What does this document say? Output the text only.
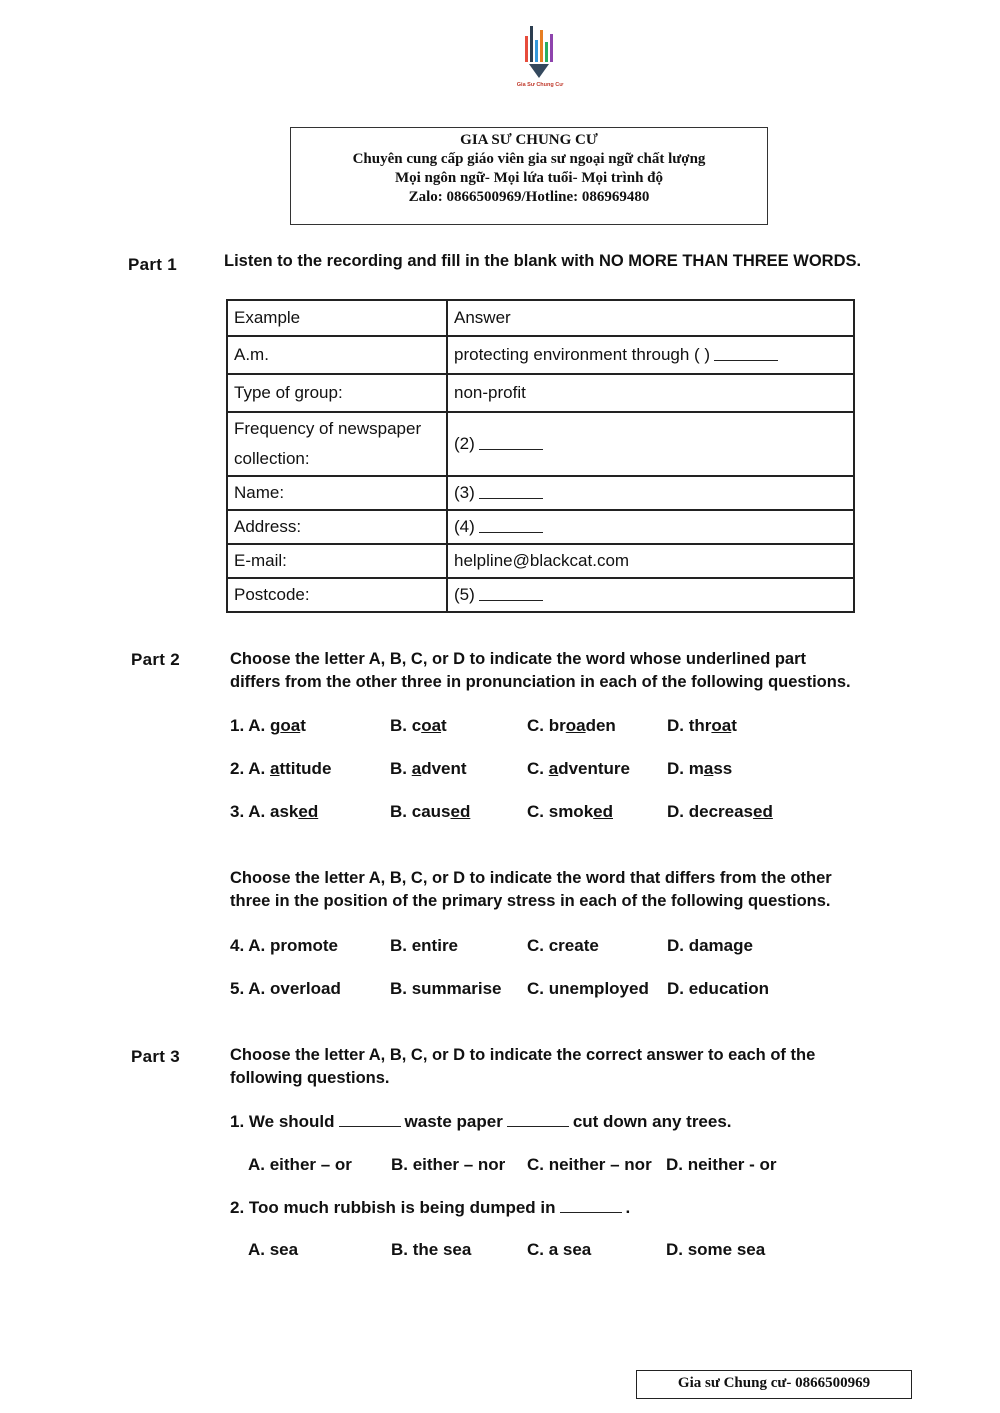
Gia Sư Chung Cư
GIA SƯ CHUNG CƯ
Chuyên cung cấp giáo viên gia sư ngoại ngữ chất lượng
Mọi ngôn ngữ- Mọi lứa tuổi- Mọi trình độ
Zalo: 0866500969/Hotline: 086969480
Part 1	Listen to the recording and fill in the blank with NO MORE THAN THREE WORDS.
Example	Answer
A.m.	protecting environment through ( )
Type of group:	non-profit
Frequency of newspaper collection:	(2)
Name:	(3)
Address:	(4)
E-mail:	helpline@blackcat.com
Postcode:	(5)
Part 2	Choose the letter A, B, C, or D to indicate the word whose underlined part
differs from the other three in pronunciation in each of the following questions.
1. A. goat	B. coat	C. broaden	D. throat
2. A. attitude	B. advent	C. adventure D. mass
3. A. asked	B. caused	C. smoked	D. decreased
Choose the letter A, B, C, or D to indicate the word that differs from the other
three in the position of the primary stress in each of the following questions.
4. A. promote	B. entire	C. create	D. damage
5. A. overload	B. summarise C. unemployed D. education
Part 3	Choose the letter A, B, C, or D to indicate the correct answer to each of the
following questions.
1. We should	waste paper	cut down any trees.
A. either – or B. either – nor C. neither – nor D. neither - or
2. Too much rubbish is being dumped in	.
A. sea	B. the sea	C. a sea	D. some sea
Gia sư Chung cư- 0866500969
